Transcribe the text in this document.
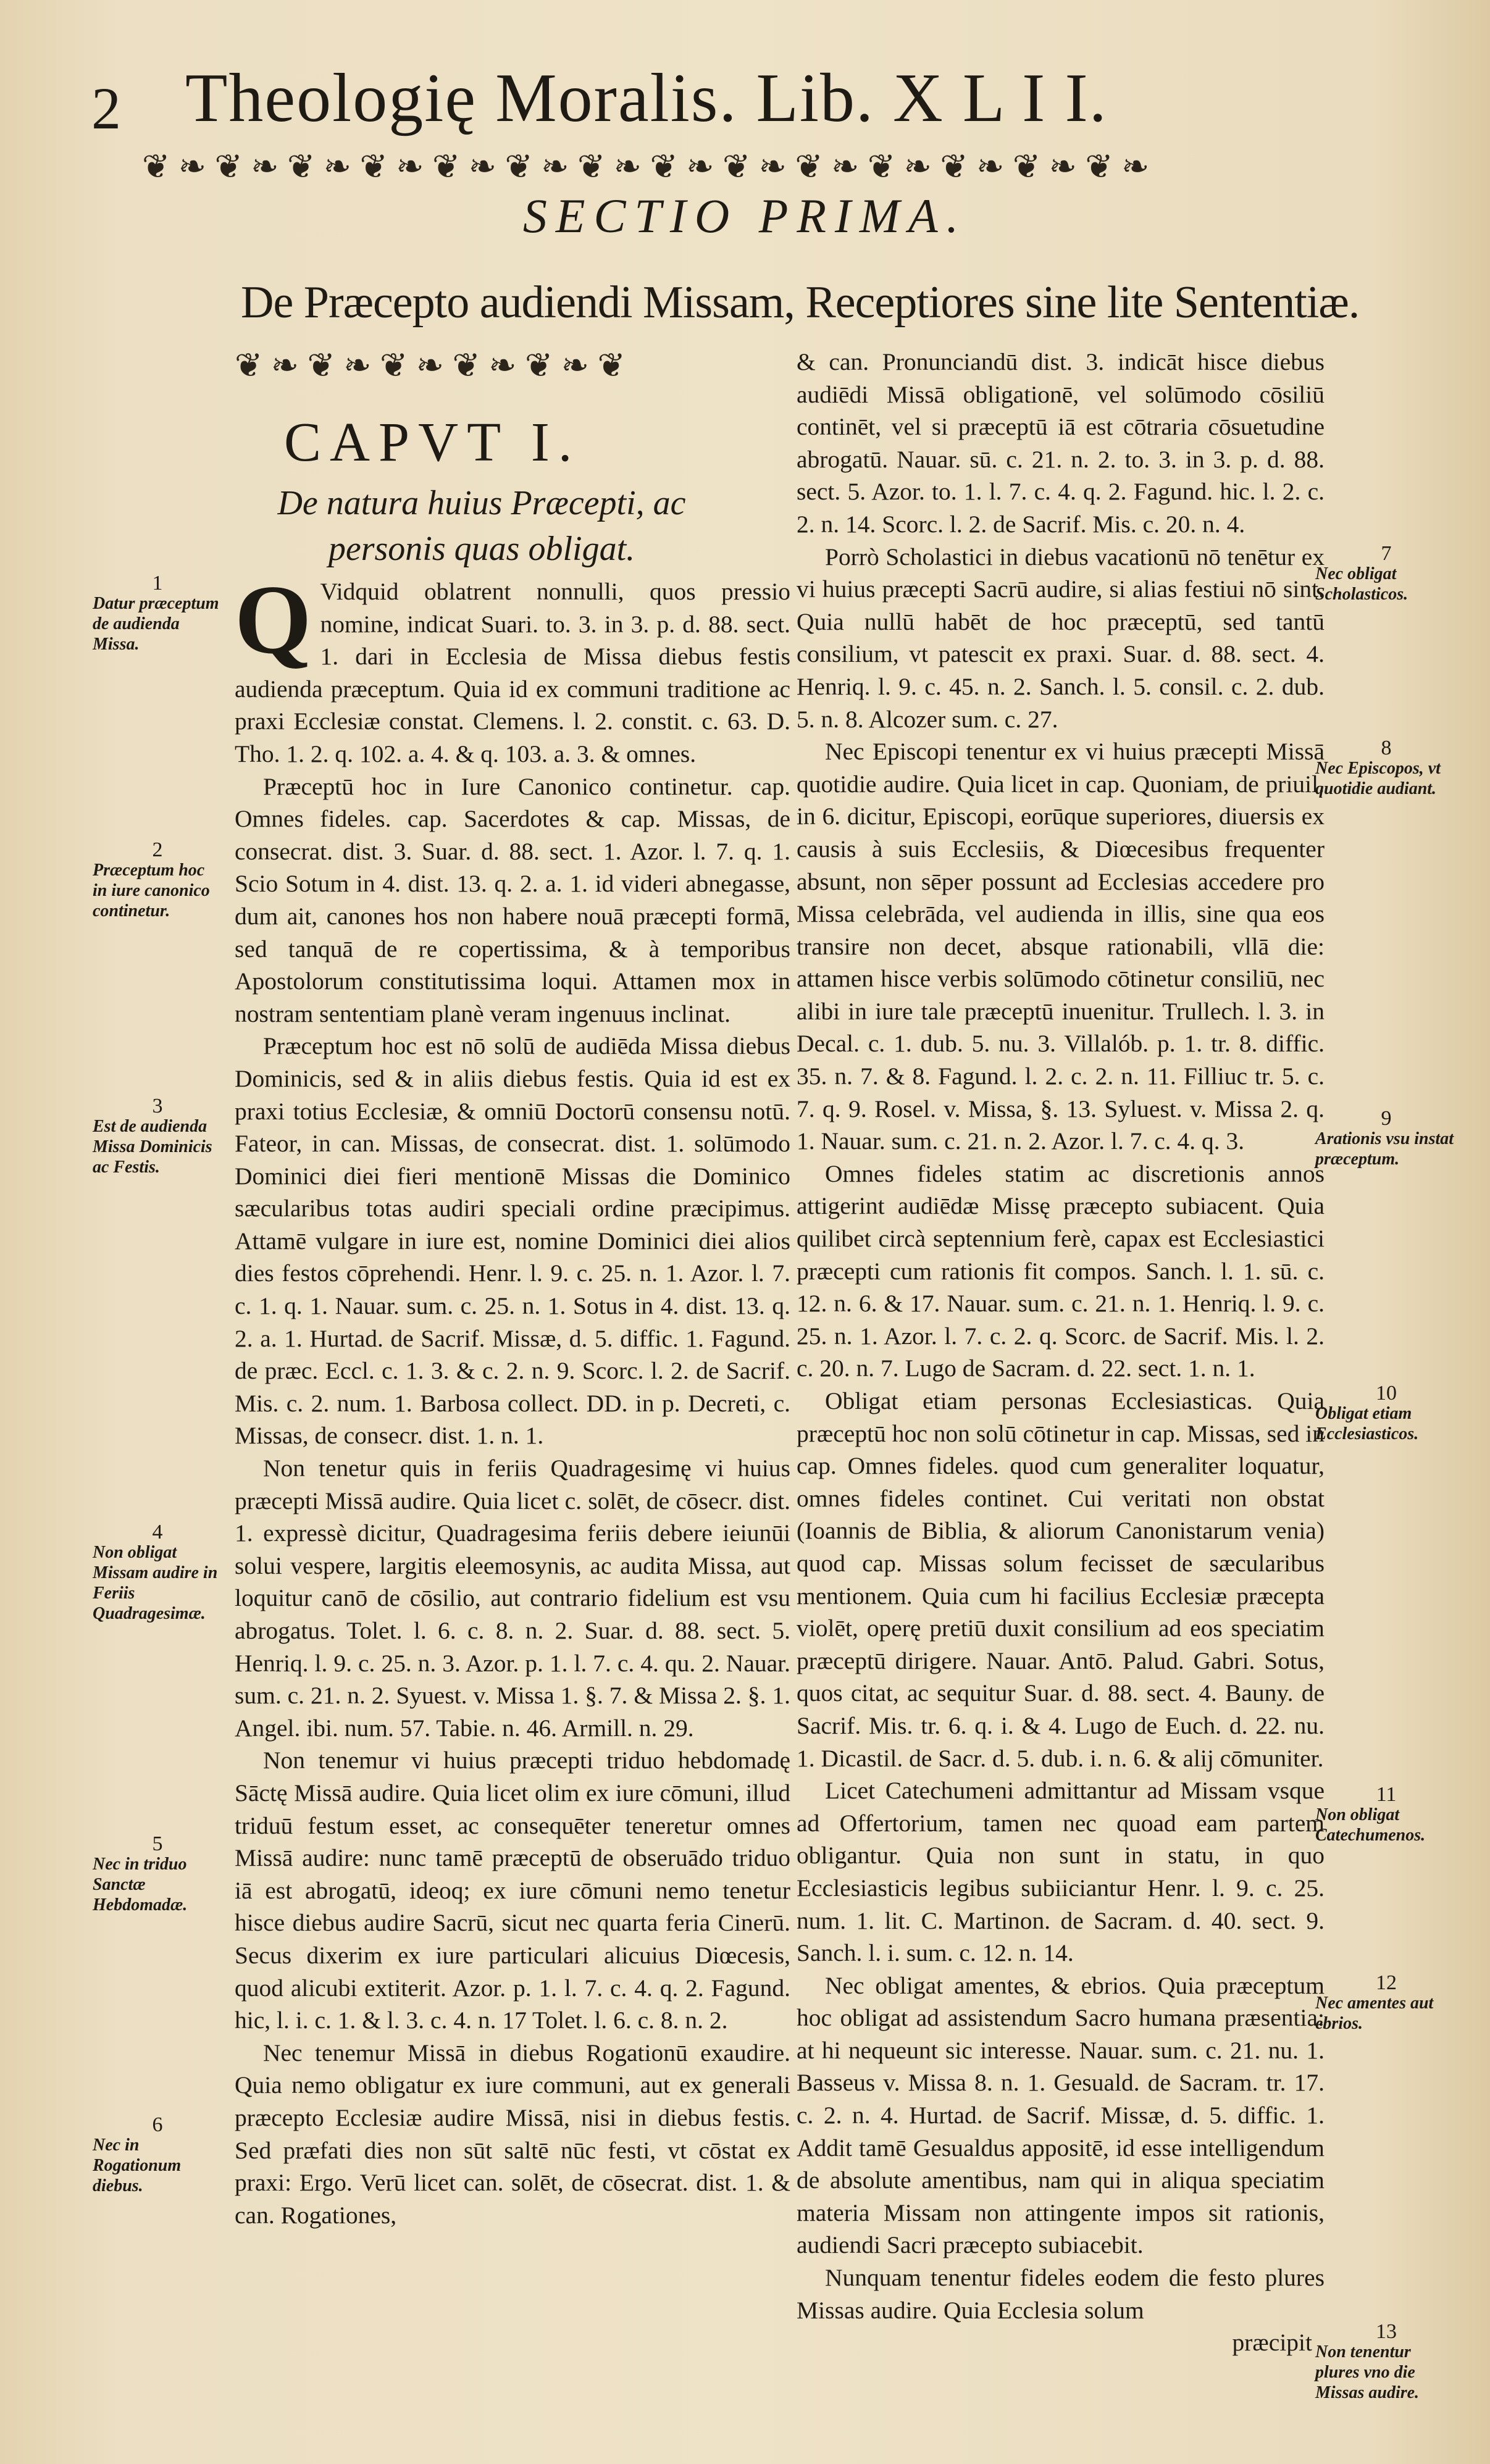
2 Theologię Moralis. Lib. X L I I.
❦ ❧ ❦ ❧ ❦ ❧ ❦ ❧ ❦ ❧ ❦ ❧ ❦ ❧ ❦ ❧ ❦ ❧ ❦ ❧ ❦ ❧ ❦ ❧ ❦ ❧ ❦ ❧
SECTIO PRIMA.
De Præcepto audiendi Missam, Receptiores sine lite Sententiæ.
❦ ❧ ❦ ❧ ❦ ❧ ❦ ❧ ❦ ❧ ❦
CAPVT I.
De natura huius Præcepti, ac personis quas obligat.

Q Vidquid oblatrent nonnulli, quos pressio nomine, indicat Suari. to. 3. in 3. p. d. 88. sect. 1. dari in Ecclesia de Missa diebus festis audienda præceptum. Quia id ex communi traditione ac praxi Ecclesiæ constat. Clemens. l. 2. constit. c. 63. D. Tho. 1. 2. q. 102. a. 4. & q. 103. a. 3. & omnes.

Præceptū hoc in Iure Canonico continetur. cap. Omnes fideles. cap. Sacerdotes & cap. Missas, de consecrat. dist. 3. Suar. d. 88. sect. 1. Azor. l. 7. q. 1. Scio Sotum in 4. dist. 13. q. 2. a. 1. id videri abnegasse, dum ait, canones hos non habere nouā præcepti formā, sed tanquā de re copertissima, & à temporibus Apostolorum constitutissima loqui. Attamen mox in nostram sententiam planè veram ingenuus inclinat.

Præceptum hoc est nō solū de audiēda Missa diebus Dominicis, sed & in aliis diebus festis. Quia id est ex praxi totius Ecclesiæ, & omniū Doctorū consensu notū. Fateor, in can. Missas, de consecrat. dist. 1. solūmodo Dominici diei fieri mentionē Missas die Dominico sæcularibus totas audiri speciali ordine præcipimus. Attamē vulgare in iure est, nomine Dominici diei alios dies festos cōprehendi. Henr. l. 9. c. 25. n. 1. Azor. l. 7. c. 1. q. 1. Nauar. sum. c. 25. n. 1. Sotus in 4. dist. 13. q. 2. a. 1. Hurtad. de Sacrif. Missæ, d. 5. diffic. 1. Fagund. de præc. Eccl. c. 1. 3. & c. 2. n. 9. Scorc. l. 2. de Sacrif. Mis. c. 2. num. 1. Barbosa collect. DD. in p. Decreti, c. Missas, de consecr. dist. 1. n. 1.

Non tenetur quis in feriis Quadragesimę vi huius præcepti Missā audire. Quia licet c. solēt, de cōsecr. dist. 1. expressè dicitur, Quadragesima feriis debere ieiunūi solui vespere, largitis eleemosynis, ac audita Missa, aut loquitur canō de cōsilio, aut contrario fidelium est vsu abrogatus. Tolet. l. 6. c. 8. n. 2. Suar. d. 88. sect. 5. Henriq. l. 9. c. 25. n. 3. Azor. p. 1. l. 7. c. 4. qu. 2. Nauar. sum. c. 21. n. 2. Syuest. v. Missa 1. §. 7. & Missa 2. §. 1. Angel. ibi. num. 57. Tabie. n. 46. Armill. n. 29.

Non tenemur vi huius præcepti triduo hebdomadę Sāctę Missā audire. Quia licet olim ex iure cōmuni, illud triduū festum esset, ac consequēter teneretur omnes Missā audire: nunc tamē præceptū de obseruādo triduo iā est abrogatū, ideoq; ex iure cōmuni nemo tenetur hisce diebus audire Sacrū, sicut nec quarta feria Cinerū. Secus dixerim ex iure particulari alicuius Diœcesis, quod alicubi extiterit. Azor. p. 1. l. 7. c. 4. q. 2. Fagund. hic, l. i. c. 1. & l. 3. c. 4. n. 17 Tolet. l. 6. c. 8. n. 2.

Nec tenemur Missā in diebus Rogationū exaudire. Quia nemo obligatur ex iure communi, aut ex generali præcepto Ecclesiæ audire Missā, nisi in diebus festis. Sed præfati dies non sūt saltē nūc festi, vt cōstat ex praxi: Ergo. Verū licet can. solēt, de cōsecrat. dist. 1. & can. Rogationes,

& can. Pronunciandū dist. 3. indicāt hisce diebus audiēdi Missā obligationē, vel solūmodo cōsiliū continēt, vel si præceptū iā est cōtraria cōsuetudine abrogatū. Nauar. sū. c. 21. n. 2. to. 3. in 3. p. d. 88. sect. 5. Azor. to. 1. l. 7. c. 4. q. 2. Fagund. hic. l. 2. c. 2. n. 14. Scorc. l. 2. de Sacrif. Mis. c. 20. n. 4.

Porrò Scholastici in diebus vacationū nō tenētur ex vi huius præcepti Sacrū audire, si alias festiui nō sint. Quia nullū habēt de hoc præceptū, sed tantū consilium, vt patescit ex praxi. Suar. d. 88. sect. 4. Henriq. l. 9. c. 45. n. 2. Sanch. l. 5. consil. c. 2. dub. 5. n. 8. Alcozer sum. c. 27.

Nec Episcopi tenentur ex vi huius præcepti Missā quotidie audire. Quia licet in cap. Quoniam, de priuil. in 6. dicitur, Episcopi, eorūque superiores, diuersis ex causis à suis Ecclesiis, & Diœcesibus frequenter absunt, non sēper possunt ad Ecclesias accedere pro Missa celebrāda, vel audienda in illis, sine qua eos transire non decet, absque rationabili, vllā die: attamen hisce verbis solūmodo cōtinetur consiliū, nec alibi in iure tale præceptū inuenitur. Trullech. l. 3. in Decal. c. 1. dub. 5. nu. 3. Villalób. p. 1. tr. 8. diffic. 35. n. 7. & 8. Fagund. l. 2. c. 2. n. 11. Filliuc tr. 5. c. 7. q. 9. Rosel. v. Missa, §. 13. Syluest. v. Missa 2. q. 1. Nauar. sum. c. 21. n. 2. Azor. l. 7. c. 4. q. 3.

Omnes fideles statim ac discretionis annos attigerint audiēdæ Missę præcepto subiacent. Quia quilibet circà septennium ferè, capax est Ecclesiastici præcepti cum rationis fit compos. Sanch. l. 1. sū. c. 12. n. 6. & 17. Nauar. sum. c. 21. n. 1. Henriq. l. 9. c. 25. n. 1. Azor. l. 7. c. 2. q. Scorc. de Sacrif. Mis. l. 2. c. 20. n. 7. Lugo de Sacram. d. 22. sect. 1. n. 1.

Obligat etiam personas Ecclesiasticas. Quia præceptū hoc non solū cōtinetur in cap. Missas, sed in cap. Omnes fideles. quod cum generaliter loquatur, omnes fideles continet. Cui veritati non obstat (Ioannis de Biblia, & aliorum Canonistarum venia) quod cap. Missas solum fecisset de sæcularibus mentionem. Quia cum hi facilius Ecclesiæ præcepta violēt, operę pretiū duxit consilium ad eos speciatim præceptū dirigere. Nauar. Antō. Palud. Gabri. Sotus, quos citat, ac sequitur Suar. d. 88. sect. 4. Bauny. de Sacrif. Mis. tr. 6. q. i. & 4. Lugo de Euch. d. 22. nu. 1. Dicastil. de Sacr. d. 5. dub. i. n. 6. & alij cōmuniter.

Licet Catechumeni admittantur ad Missam vsque ad Offertorium, tamen nec quoad eam partem obligantur. Quia non sunt in statu, in quo Ecclesiasticis legibus subiiciantur Henr. l. 9. c. 25. num. 1. lit. C. Martinon. de Sacram. d. 40. sect. 9. Sanch. l. i. sum. c. 12. n. 14.

Nec obligat amentes, & ebrios. Quia præceptum hoc obligat ad assistendum Sacro humana præsentia: at hi nequeunt sic interesse. Nauar. sum. c. 21. nu. 1. Basseus v. Missa 8. n. 1. Gesuald. de Sacram. tr. 17. c. 2. n. 4. Hurtad. de Sacrif. Missæ, d. 5. diffic. 1. Addit tamē Gesualdus appositē, id esse intelligendum de absolute amentibus, nam qui in aliqua speciatim materia Missam non attingente impos sit rationis, audiendi Sacri præcepto subiacebit.

Nunquam tenentur fideles eodem die festo plures Missas audire. Quia Ecclesia solum

præcipit

1
Datur præceptum de audienda Missa.
2
Præceptum hoc in iure canonico continetur.
3
Est de audienda Missa Dominicis ac Festis.
4
Non obligat Missam audire in Feriis Quadragesimæ.
5
Nec in triduo Sanctæ Hebdomadæ.
6
Nec in Rogationum diebus.
7
Nec obligat Scholasticos.
8
Nec Episcopos, vt quotidie audiant.
9
Arationis vsu instat præceptum.
10
Obligat etiam Ecclesiasticos.
11
Non obligat Catechumenos.
12
Nec amentes aut ebrios.
13
Non tenentur plures vno die Missas audire.
